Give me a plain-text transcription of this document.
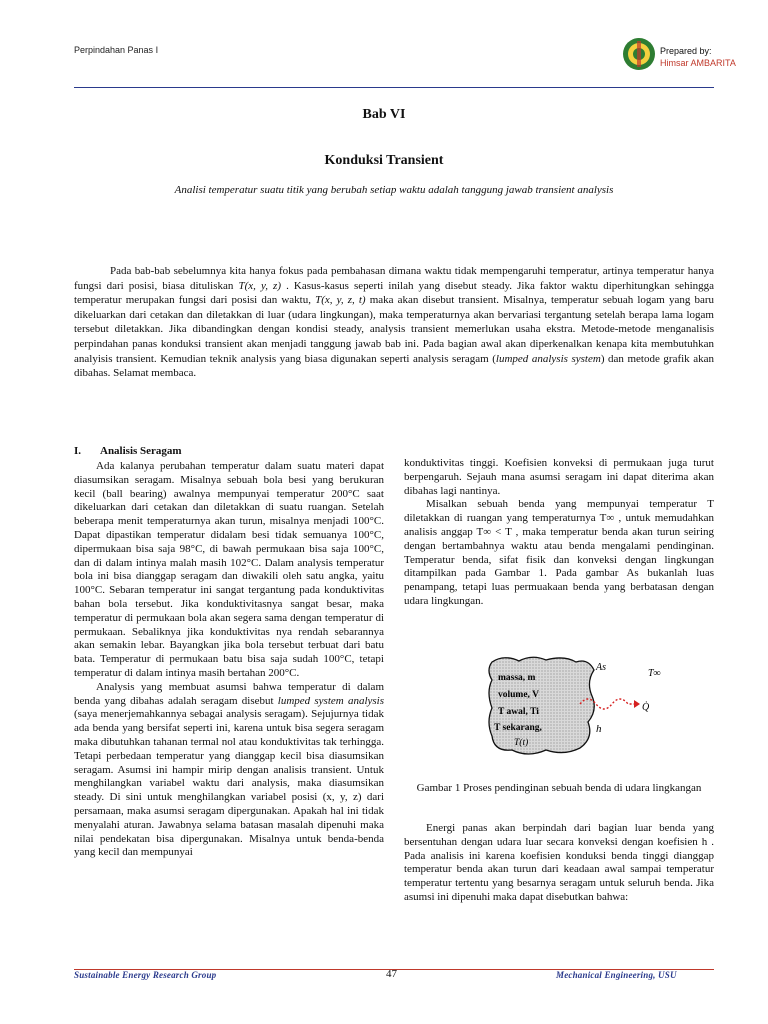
Perpindahan Panas I	Prepared by:
Himsar AMBARITA
Bab VI
Konduksi Transient
Analisi temperatur suatu titik yang berubah setiap waktu adalah tanggung jawab transient analysis

Pada bab-bab sebelumnya kita hanya fokus pada pembahasan dimana waktu tidak mempengaruhi temperatur, artinya temperatur hanya fungsi dari posisi, biasa dituliskan T(x, y, z) . Kasus-kasus seperti inilah yang disebut steady. Jika faktor waktu diperhitungkan sehingga temperatur merupakan fungsi dari posisi dan waktu, T(x, y, z, t) maka akan disebut transient. Misalnya, temperatur sebuah logam yang baru dikeluarkan dari cetakan dan diletakkan di luar (udara lingkungan), maka temperaturnya akan bervariasi tergantung setelah berapa lama logam tersebut diletakkan. Jika dibandingkan dengan kondisi steady, analysis transient memerlukan usaha ekstra. Metode-metode menganalisis perpindahan panas konduksi transient akan menjadi tanggung jawab bab ini. Pada bagian awal akan diperkenalkan kenapa kita membutuhkan analyisis transient. Kemudian teknik analysis yang biasa digunakan seperti analysis seragam (lumped analysis system) dan metode grafik akan dibahas. Selamat membaca.

I. Analisis Seragam

Ada kalanya perubahan temperatur dalam suatu materi dapat diasumsikan seragam. Misalnya sebuah bola besi yang berukuran kecil (ball bearing) awalnya mempunyai temperatur 200°C saat dikeluarkan dari cetakan dan diletakkan di suatu ruangan. Setelah beberapa menit temperaturnya akan turun, misalnya menjadi 100°C. Dapat dipastikan temperatur didalam besi tidak semuanya 100°C, dipermukaan bisa saja 98°C, di bawah permukaan bisa saja 100°C, dan di dalam intinya malah masih 102°C. Dalam analysis temperatur bola ini bisa dianggap seragam dan diwakili oleh satu angka, yaitu 100°C. Sebaran temperatur ini sangat tergantung pada konduktivitas bahan bola tersebut. Jika konduktivitasnya sangat besar, maka temperatur di permukaan bola akan segera sama dengan temperatur di permukaan. Sebaliknya jika konduktivitas nya rendah sebarannya akan semakin lebar. Bayangkan jika bola tersebut terbuat dari batu bata. Temperatur di permukaan batu bisa saja sudah 100°C, tetapi temperatur di dalam intinya masih bertahan 200°C.

Analysis yang membuat asumsi bahwa temperatur di dalam benda yang dibahas adalah seragam disebut lumped system analysis (saya menerjemahkannya sebagai analysis seragam). Sejujurnya tidak ada benda yang bersifat seperti ini, karena untuk bisa segera seragam maka dibutuhkan tahanan termal nol atau konduktivitas tak terhingga. Tetapi perbedaan temperatur yang dianggap kecil bisa diasumsikan seragam. Asumsi ini hampir mirip dengan analisis transient. Untuk menghilangkan variabel waktu dari analysis, maka diasumsikan steady. Di sini untuk menghilangkan variabel posisi (x, y, z) dari persamaan, maka asumsi seragam dipergunakan. Apakah hal ini tidak menyalahi aturan. Jawabnya selama batasan masalah dipenuhi maka nilai pendekatan bisa dipergunakan. Misalnya untuk benda-benda yang kecil dan mempunyai

konduktivitas tinggi. Koefisien konveksi di permukaan juga turut berpengaruh. Sejauh mana asumsi seragam ini dapat diterima akan dibahas lagi nantinya.

Misalkan sebuah benda yang mempunyai temperatur T diletakkan di ruangan yang temperaturnya T∞ , untuk memudahkan analisis anggap T∞ < T , maka temperatur benda akan turun seiring dengan bertambahnya waktu atau benda mengalami pendinginan. Temperatur benda, sifat fisik dan konveksi dengan lingkungan ditampilkan pada Gambar 1. Pada gambar As bukanlah luas penampang, tetapi luas permuakaan benda yang berbatasan dengan udara lingkungan.

massa, m
volume, V
T awal, Ti
T sekarang,
T(t)
As
T∞
Q̇
h
Gambar 1 Proses pendinginan sebuah benda di udara lingkangan

Energi panas akan berpindah dari bagian luar benda yang bersentuhan dengan udara luar secara konveksi dengan koefisien h . Pada analisis ini karena koefisien konduksi benda tinggi dianggap temperatur benda akan turun dari keadaan awal sampai temperatur temperatur tertentu yang besarnya seragam untuk seluruh benda. Jika asumsi ini dipenuhi maka dapat disebutkan bahwa:

Sustainable Energy Research Group	47	Mechanical Engineering, USU
